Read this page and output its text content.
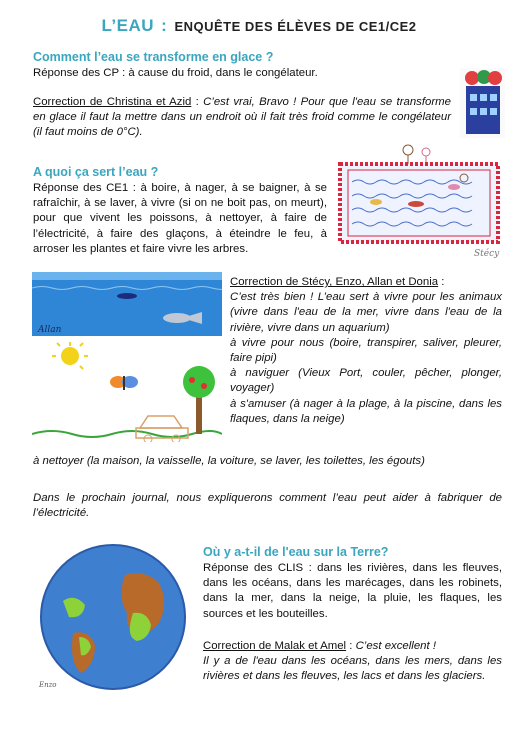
L’EAU : ENQUÊTE DES ÉLÈVES DE CE1/CE2
Comment l’eau se transforme en glace ?
Réponse des CP : à cause du froid, dans le congélateur.
Correction de Christina et Azid : C’est vrai, Bravo ! Pour que l'eau se transforme en glace il faut la mettre dans un endroit où il fait très froid comme le congélateur (il faut moins de 0°C).
A quoi ça sert l’eau ?
Réponse des CE1 : à boire, à nager, à se baigner, à se rafraîchir, à se laver, à vivre (si on ne boit pas, on meurt), pour que vivent les poissons, à nettoyer, à faire de l’électricité, à faire des glaçons, à éteindre le feu, à arroser les plantes et faire vivre les arbres.	Stécy
Allan
Correction de Stécy, Enzo, Allan et Donia :
C’est très bien ! L’eau sert à vivre pour les animaux (vivre dans l'eau de la mer, vivre dans l'eau de la rivière, vivre dans un aquarium)
à vivre pour nous (boire, transpirer, saliver, pleurer, faire pipi)
à naviguer (Vieux Port, couler, pêcher, plonger, voyager)
à s'amuser (à nager à la plage, à la piscine, dans les flaques, dans la neige)
à nettoyer (la maison, la vaisselle, la voiture, se laver, les toilettes, les égouts)
Dans le prochain journal, nous expliquerons comment l’eau peut aider à fabriquer de l’électricité.
Enzo
Où y a-t-il de l'eau sur la Terre?
Réponse des CLIS : dans les rivières, dans les fleuves, dans les océans, dans les marécages, dans les robinets, dans la mer, dans la neige, la pluie, les flaques, les sources et les bouteilles.
Correction de Malak et Amel : C’est excellent !
Il y a de l'eau dans les océans, dans les mers, dans les rivières et dans les fleuves, les lacs et dans les glaciers.
